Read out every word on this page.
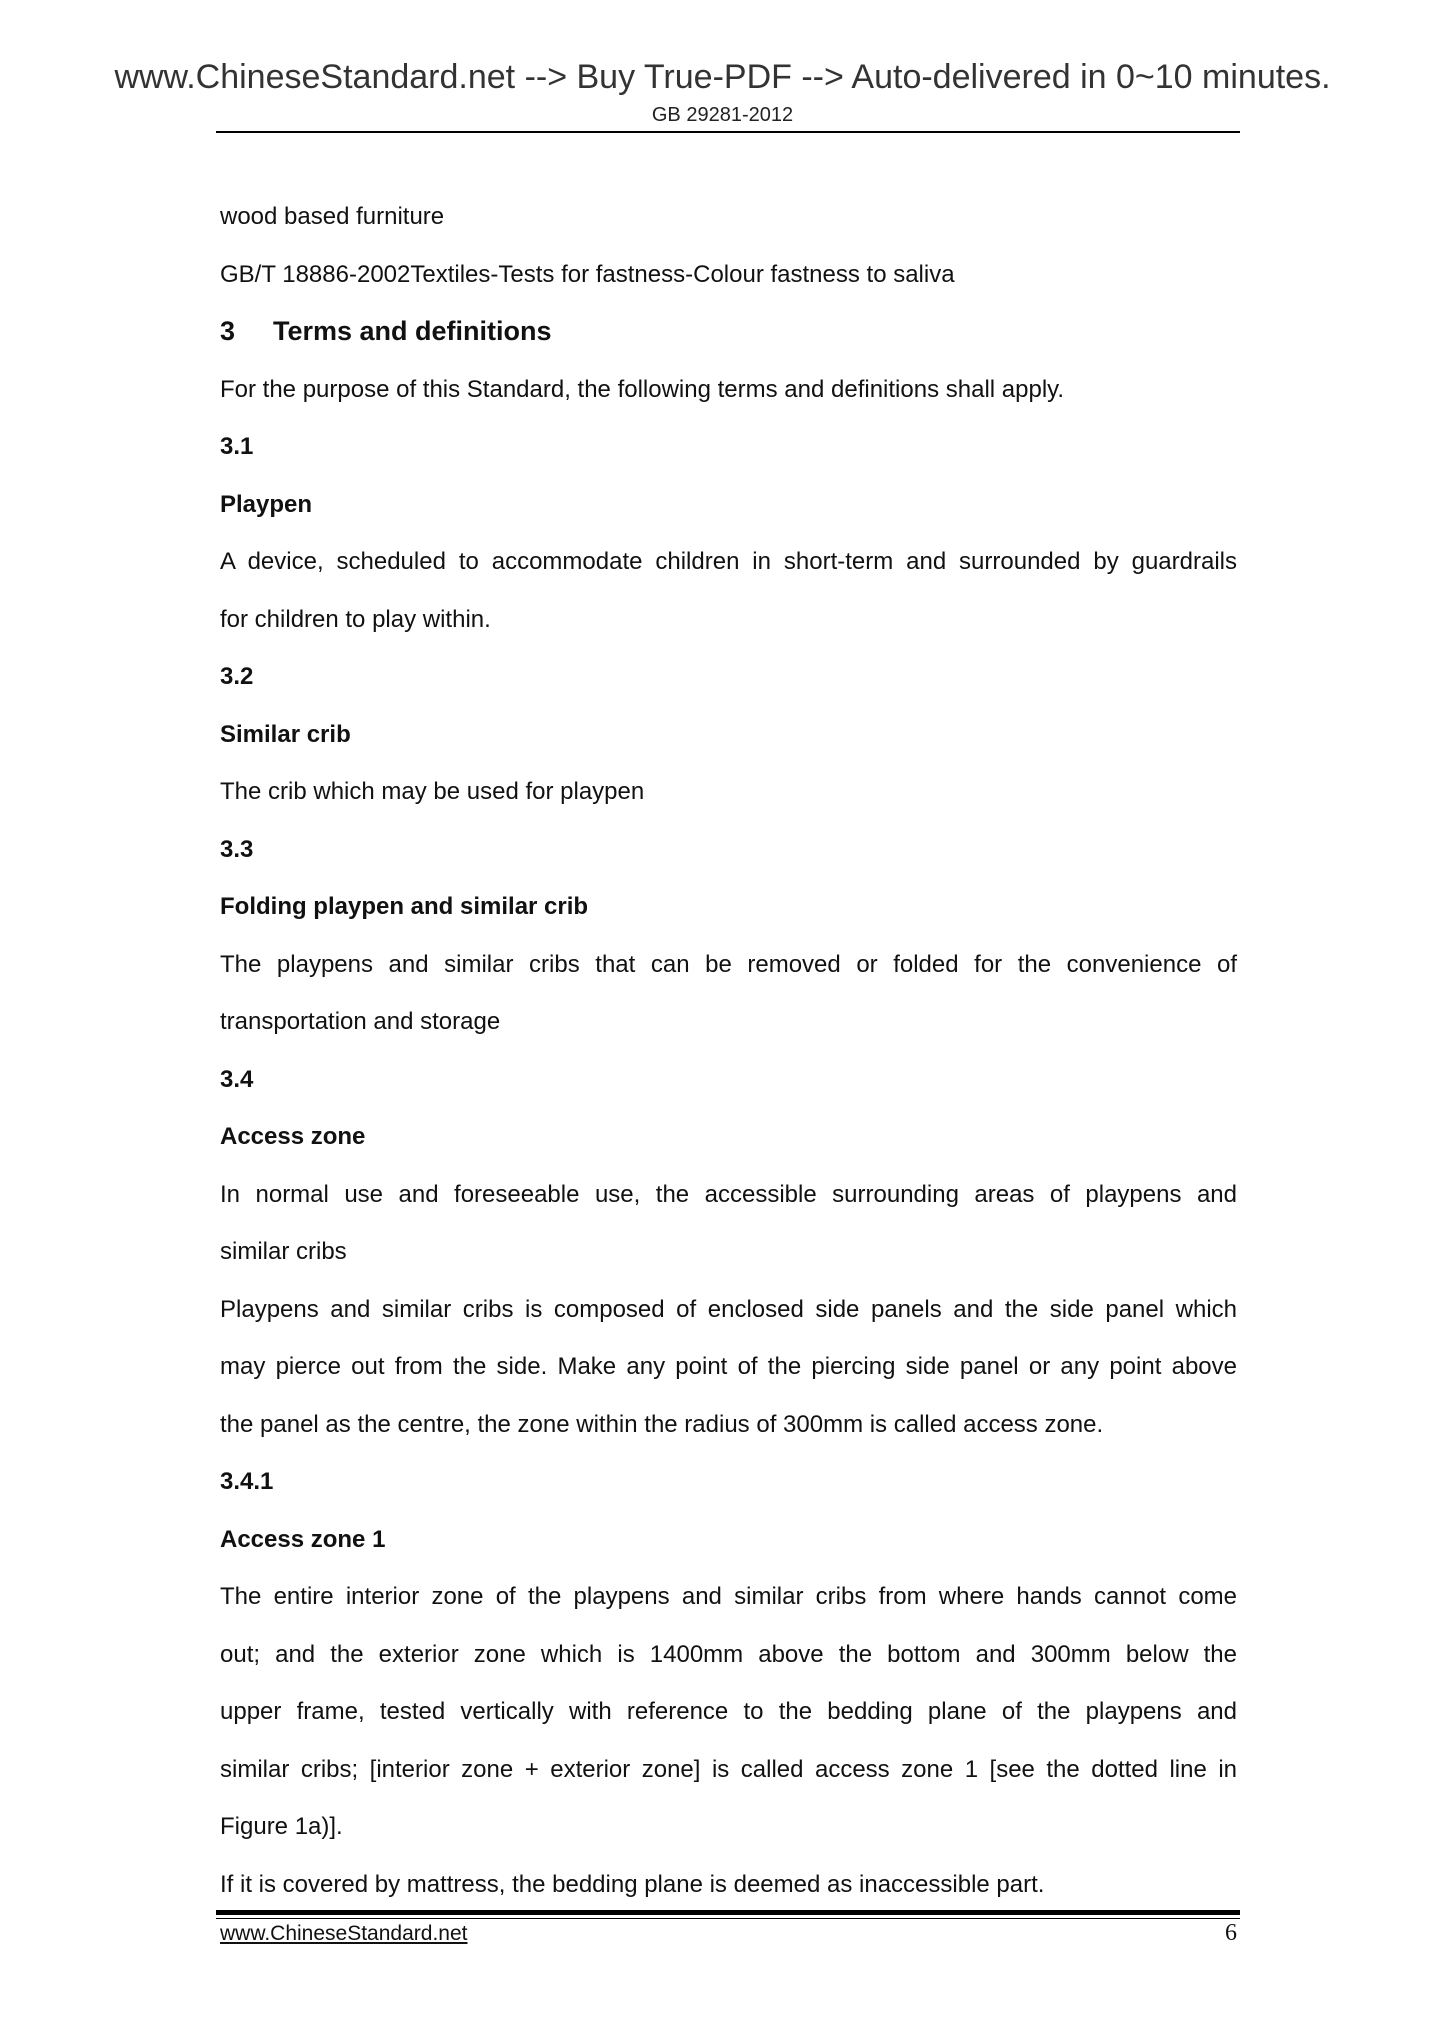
www.ChineseStandard.net --> Buy True-PDF --> Auto-delivered in 0~10 minutes.
GB 29281-2012
wood based furniture
GB/T 18886-2002Textiles-Tests for fastness-Colour fastness to saliva
3 Terms and definitions
For the purpose of this Standard, the following terms and definitions shall apply.
3.1
Playpen
A device, scheduled to accommodate children in short-term and surrounded by guardrails
for children to play within.
3.2
Similar crib
The crib which may be used for playpen
3.3
Folding playpen and similar crib
The playpens and similar cribs that can be removed or folded for the convenience of
transportation and storage
3.4
Access zone
In normal use and foreseeable use, the accessible surrounding areas of playpens and
similar cribs
Playpens and similar cribs is composed of enclosed side panels and the side panel which
may pierce out from the side. Make any point of the piercing side panel or any point above
the panel as the centre, the zone within the radius of 300mm is called access zone.
3.4.1
Access zone 1
The entire interior zone of the playpens and similar cribs from where hands cannot come
out; and the exterior zone which is 1400mm above the bottom and 300mm below the
upper frame, tested vertically with reference to the bedding plane of the playpens and
similar cribs; [interior zone + exterior zone] is called access zone 1 [see the dotted line in
Figure 1a)].
If it is covered by mattress, the bedding plane is deemed as inaccessible part.
www.ChineseStandard.net	6
